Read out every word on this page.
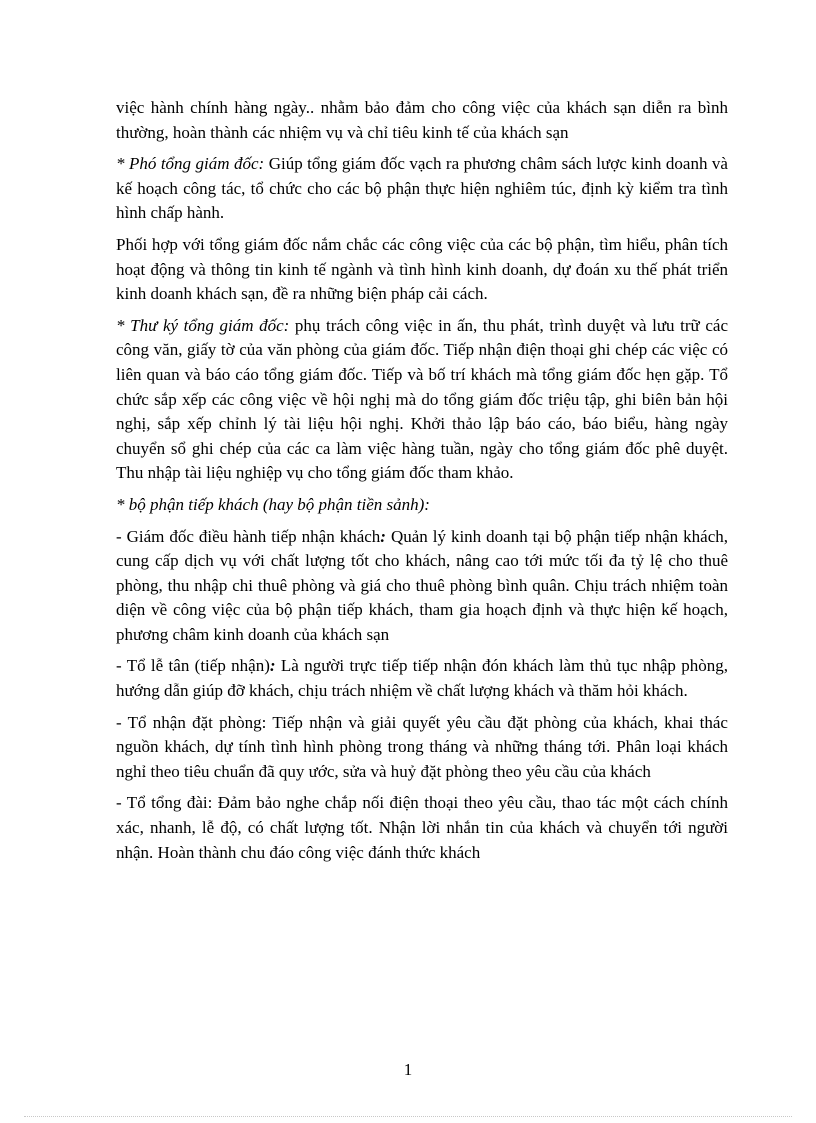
việc hành chính hàng ngày.. nhằm bảo đảm cho công việc của khách sạn diễn ra bình thường, hoàn thành các nhiệm vụ và chỉ tiêu kinh tế của khách sạn

* Phó tổng giám đốc: Giúp tổng giám đốc vạch ra phương châm sách lược kinh doanh và kế hoạch công tác, tổ chức cho các bộ phận thực hiện nghiêm túc, định kỳ kiểm tra tình hình chấp hành.

Phối hợp với tổng giám đốc nắm chắc các công việc của các bộ phận, tìm hiểu, phân tích hoạt động và thông tin kinh tế ngành và tình hình kinh doanh, dự đoán xu thế phát triển kinh doanh khách sạn, đề ra những biện pháp cải cách.

* Thư ký tổng giám đốc: phụ trách công việc in ấn, thu phát, trình duyệt và lưu trữ các công văn, giấy tờ của văn phòng của giám đốc. Tiếp nhận điện thoại ghi chép các việc có liên quan và báo cáo tổng giám đốc. Tiếp và bố trí khách mà tổng giám đốc hẹn gặp. Tổ chức sắp xếp các công việc về hội nghị mà do tổng giám đốc triệu tập, ghi biên bản hội nghị, sắp xếp chỉnh lý tài liệu hội nghị. Khởi thảo lập báo cáo, báo biểu, hàng ngày chuyển sổ ghi chép của các ca làm việc hàng tuần, ngày cho tổng giám đốc phê duyệt. Thu nhập tài liệu nghiệp vụ cho tổng giám đốc tham khảo.

* bộ phận tiếp khách (hay bộ phận tiền sảnh):

- Giám đốc điều hành tiếp nhận khách: Quản lý kinh doanh tại bộ phận tiếp nhận khách, cung cấp dịch vụ với chất lượng tốt cho khách, nâng cao tới mức tối đa tỷ lệ cho thuê phòng, thu nhập chi thuê phòng và giá cho thuê phòng bình quân. Chịu trách nhiệm toàn diện về công việc của bộ phận tiếp khách, tham gia hoạch định và thực hiện kế hoạch, phương châm kinh doanh của khách sạn

- Tổ lễ tân (tiếp nhận): Là người trực tiếp tiếp nhận đón khách làm thủ tục nhập phòng, hướng dẫn giúp đỡ khách, chịu trách nhiệm về chất lượng khách và thăm hỏi khách.

- Tổ nhận đặt phòng: Tiếp nhận và giải quyết yêu cầu đặt phòng của khách, khai thác nguồn khách, dự tính tình hình phòng trong tháng và những tháng tới. Phân loại khách nghỉ theo tiêu chuẩn đã quy ước, sửa và huỷ đặt phòng theo yêu cầu của khách

- Tổ tổng đài: Đảm bảo nghe chắp nối điện thoại theo yêu cầu, thao tác một cách chính xác, nhanh, lễ độ, có chất lượng tốt. Nhận lời nhắn tin của khách và chuyển tới người nhận. Hoàn thành chu đáo công việc đánh thức khách

1
